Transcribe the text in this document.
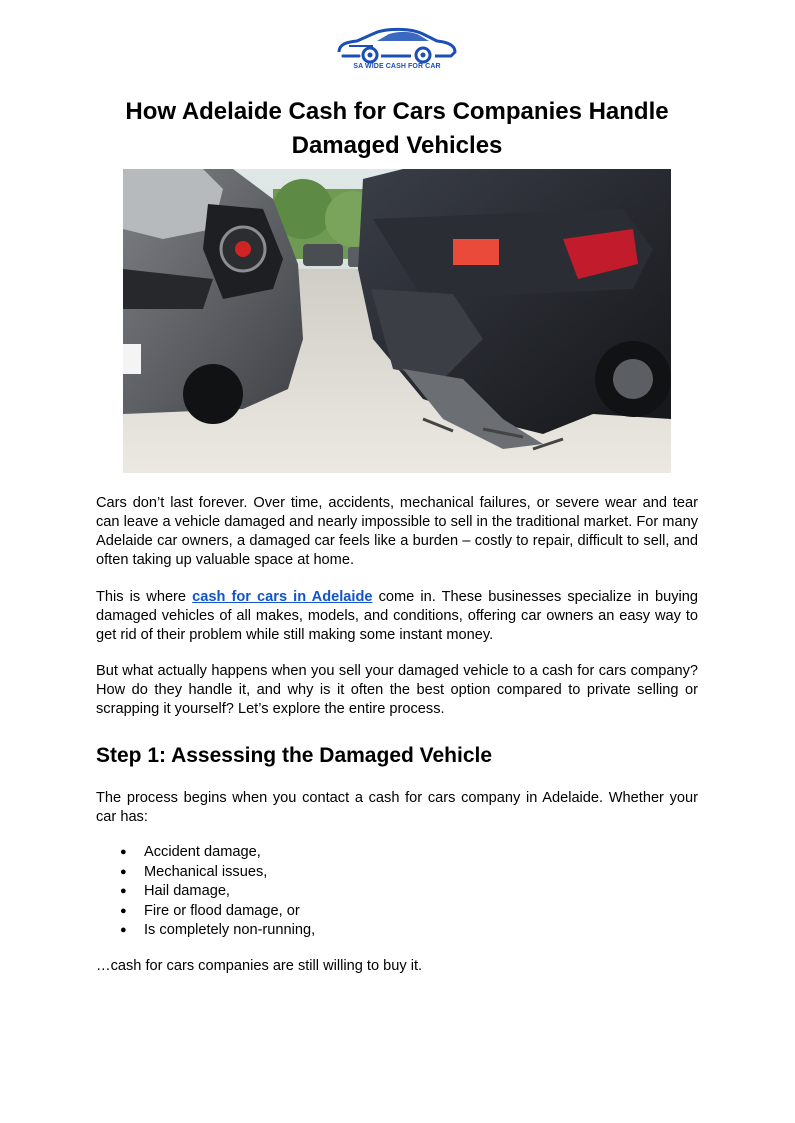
SA WIDE CASH FOR CAR
How Adelaide Cash for Cars Companies Handle Damaged Vehicles

Cars don’t last forever. Over time, accidents, mechanical failures, or severe wear and tear can leave a vehicle damaged and nearly impossible to sell in the traditional market. For many Adelaide car owners, a damaged car feels like a burden – costly to repair, difficult to sell, and often taking up valuable space at home.

This is where cash for cars in Adelaide come in. These businesses specialize in buying damaged vehicles of all makes, models, and conditions, offering car owners an easy way to get rid of their problem while still making some instant money.

But what actually happens when you sell your damaged vehicle to a cash for cars company? How do they handle it, and why is it often the best option compared to private selling or scrapping it yourself? Let’s explore the entire process.

Step 1: Assessing the Damaged Vehicle

The process begins when you contact a cash for cars company in Adelaide. Whether your car has:

● Accident damage,
● Mechanical issues,
● Hail damage,
● Fire or flood damage, or
● Is completely non-running,

…cash for cars companies are still willing to buy it.
